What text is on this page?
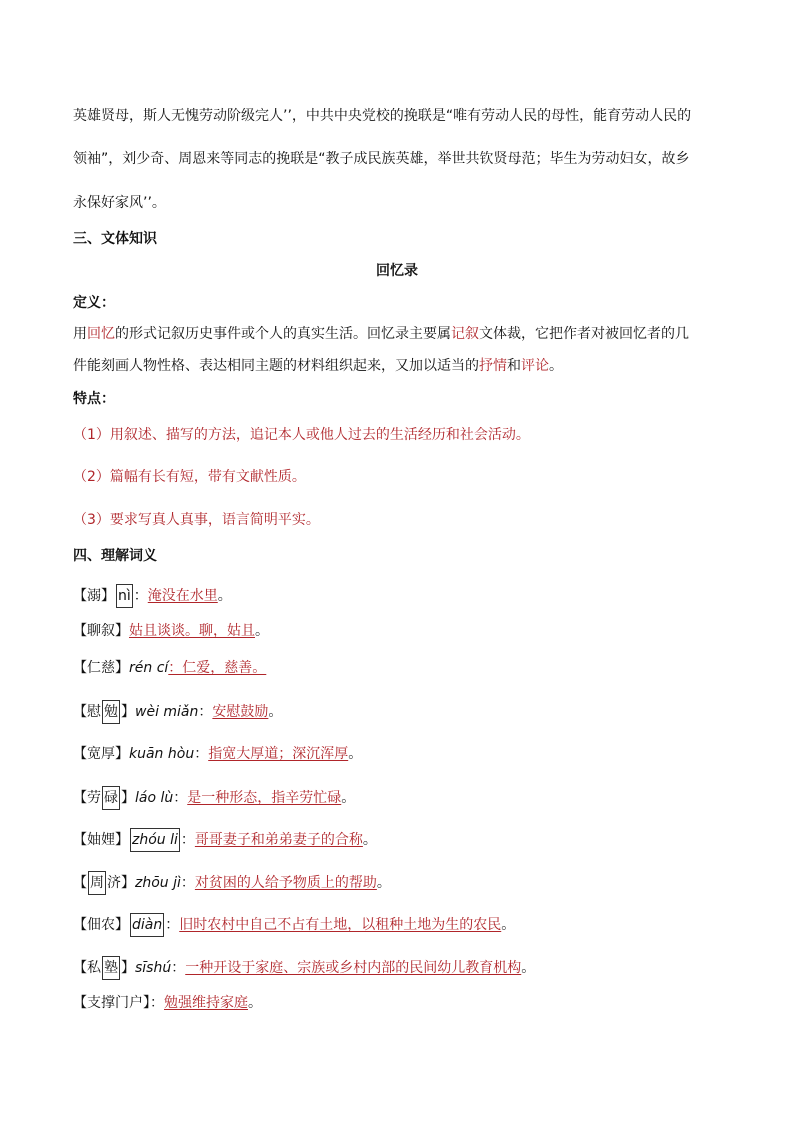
英雄贤母，斯人无愧劳动阶级完人’’，中共中央党校的挽联是“唯有劳动人民的母性，能育劳动人民的
领袖”，刘少奇、周恩来等同志的挽联是“教子成民族英雄，举世共钦贤母范；毕生为劳动妇女，故乡
永保好家风’’。
三、文体知识
回忆录
定义：
用回忆的形式记叙历史事件或个人的真实生活。回忆录主要属记叙文体裁，它把作者对被回忆者的几
件能刻画人物性格、表达相同主题的材料组织起来，又加以适当的抒情和评论。
特点：
（1）用叙述、描写的方法，追记本人或他人过去的生活经历和社会活动。
（2）篇幅有长有短，带有文献性质。
（3）要求写真人真事，语言简明平实。
四、理解词义
【溺】 nì ：淹没在水里。
【聊叙】姑且谈谈。聊，姑且。
【仁慈】rén cí：仁爱，慈善。
【慰 勉 】wèi miǎn：安慰鼓励。
【宽厚】kuān hòu：指宽大厚道；深沉浑厚。
【劳 碌 】láo lù：是一种形态，指辛劳忙碌。
【妯娌】 zhóu li ：哥哥妻子和弟弟妻子的合称。
【 周 济】zhōu jì：对贫困的人给予物质上的帮助。
【佃农】 diàn ：旧时农村中自己不占有土地，以租种土地为生的农民。
【私 塾 】sīshú：一种开设于家庭、宗族或乡村内部的民间幼儿教育机构。
【支撑门户】：勉强维持家庭。
